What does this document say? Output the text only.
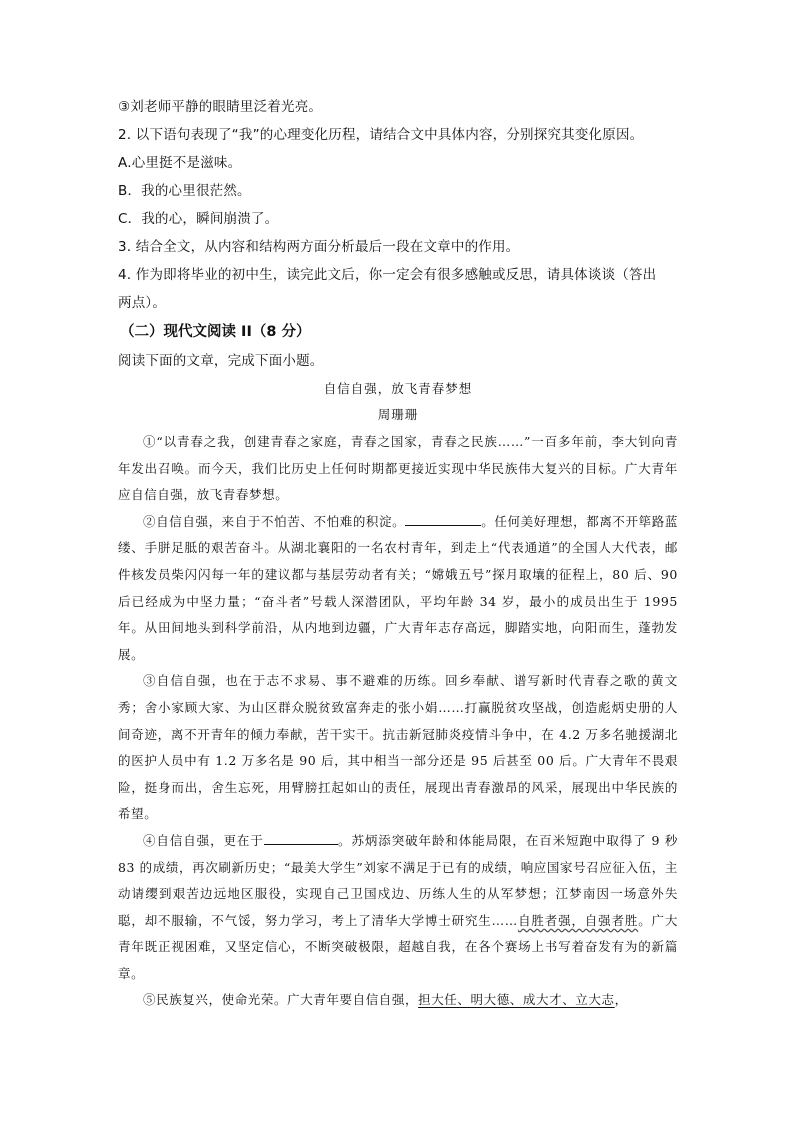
③刘老师平静的眼睛里泛着光亮。
2. 以下语句表现了“我”的心理变化历程，请结合文中具体内容，分别探究其变化原因。
A.心里挺不是滋味。
B．我的心里很茫然。
C．我的心，瞬间崩溃了。
3. 结合全文，从内容和结构两方面分析最后一段在文章中的作用。
4. 作为即将毕业的初中生，读完此文后，你一定会有很多感触或反思，请具体谈谈（答出
两点）。
（二）现代文阅读 II（8 分）
阅读下面的文章，完成下面小题。
自信自强，放飞青春梦想
周珊珊

①“以青春之我，创建青春之家庭，青春之国家，青春之民族……”一百多年前，李大钊向青年发出召唤。而今天，我们比历史上任何时期都更接近实现中华民族伟大复兴的目标。广大青年应自信自强，放飞青春梦想。

②自信自强，来自于不怕苦、不怕难的积淀。	。任何美好理想，都离不开筚路蓝缕、手胼足胝的艰苦奋斗。从湖北襄阳的一名农村青年，到走上“代表通道”的全国人大代表，邮件核发员柴闪闪每一年的建议都与基层劳动者有关；“嫦娥五号”探月取壤的征程上，80 后、90 后已经成为中坚力量；“奋斗者”号载人深潜团队，平均年龄 34 岁，最小的成员出生于 1995 年。从田间地头到科学前沿，从内地到边疆，广大青年志存高远，脚踏实地，向阳而生，蓬勃发展。

③自信自强，也在于志不求易、事不避难的历练。回乡奉献、谱写新时代青春之歌的黄文秀；舍小家顾大家、为山区群众脱贫致富奔走的张小娟……打赢脱贫攻坚战，创造彪炳史册的人间奇迹，离不开青年的倾力奉献，苦干实干。抗击新冠肺炎疫情斗争中，在 4.2 万多名驰援湖北的医护人员中有 1.2 万多名是 90 后，其中相当一部分还是 95 后甚至 00 后。广大青年不畏艰险，挺身而出，舍生忘死，用臂膀扛起如山的责任，展现出青春激昂的风采，展现出中华民族的希望。

④自信自强，更在于	。苏炳添突破年龄和体能局限，在百米短跑中取得了 9 秒 83 的成绩，再次刷新历史；“最美大学生”刘家不满足于已有的成绩，响应国家号召应征入伍，主动请缨到艰苦边远地区服役，实现自己卫国戍边、历练人生的从军梦想；江梦南因一场意外失聪，却不服输，不气馁，努力学习，考上了清华大学博士研究生……自胜者强，自强者胜。广大青年既正视困难，又坚定信心，不断突破极限，超越自我，在各个赛场上书写着奋发有为的新篇章。

⑤民族复兴，使命光荣。广大青年要自信自强，担大任、明大德、成大才、立大志，
